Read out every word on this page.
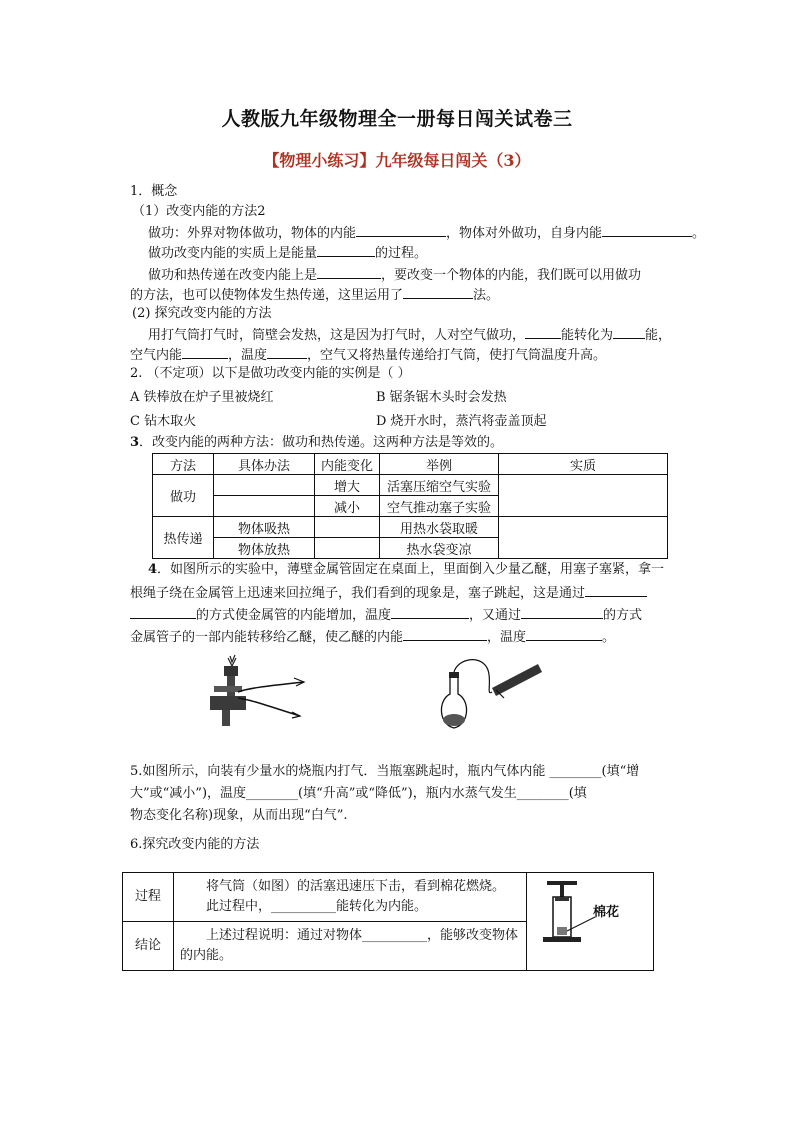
人教版九年级物理全一册每日闯关试卷三
【物理小练习】九年级每日闯关（3）
1．概念
（1）改变内能的方法2
做功：外界对物体做功，物体的内能	，物体对外做功，自身内能	。
做功改变内能的实质上是能量	的过程。
做功和热传递在改变内能上是	，要改变一个物体的内能，我们既可以用做功
的方法，也可以使物体发生热传递，这里运用了	法。
(2) 探究改变内能的方法
用打气筒打气时，筒壁会发热，这是因为打气时，人对空气做功，	能转化为 能，
空气内能	，温度	，空气又将热量传递给打气筒，使打气筒温度升高。
2. （不定项）以下是做功改变内能的实例是（ ）
A 铁棒放在炉子里被烧红	B 锯条锯木头时会发热
C 钻木取火	D 烧开水时，蒸汽将壶盖顶起
3．改变内能的两种方法：做功和热传递。这两种方法是等效的。
方法	具体办法	内能变化	举例	实质
做功		增大	活塞压缩空气实验	
		减小	空气推动塞子实验	
热传递	物体吸热		用热水袋取暖	
	物体放热		热水袋变凉	
4．如图所示的实验中，薄壁金属管固定在桌面上，里面倒入少量乙醚，用塞子塞紧，拿一
根绳子绕在金属管上迅速来回拉绳子，我们看到的现象是，塞子跳起，这是通过
的方式使金属管的内能增加，温度	，又通过	的方式
金属管子的一部内能转移给乙醚，使乙醚的内能	，温度	。
5.如图所示，向装有少量水的烧瓶内打气．当瓶塞跳起时，瓶内气体内能 ________(填“增
大”或“减小”)，温度________(填“升高”或“降低”)，瓶内水蒸气发生________(填
物态变化名称)现象，从而出现“白气”.
6.探究改变内能的方法
过程	将气筒（如图）的活塞迅速压下击，看到棉花燃烧。
此过程中，__________能转化为内能。	棉花

结论	上述过程说明：通过对物体__________，能够改变物体
的内能。	
